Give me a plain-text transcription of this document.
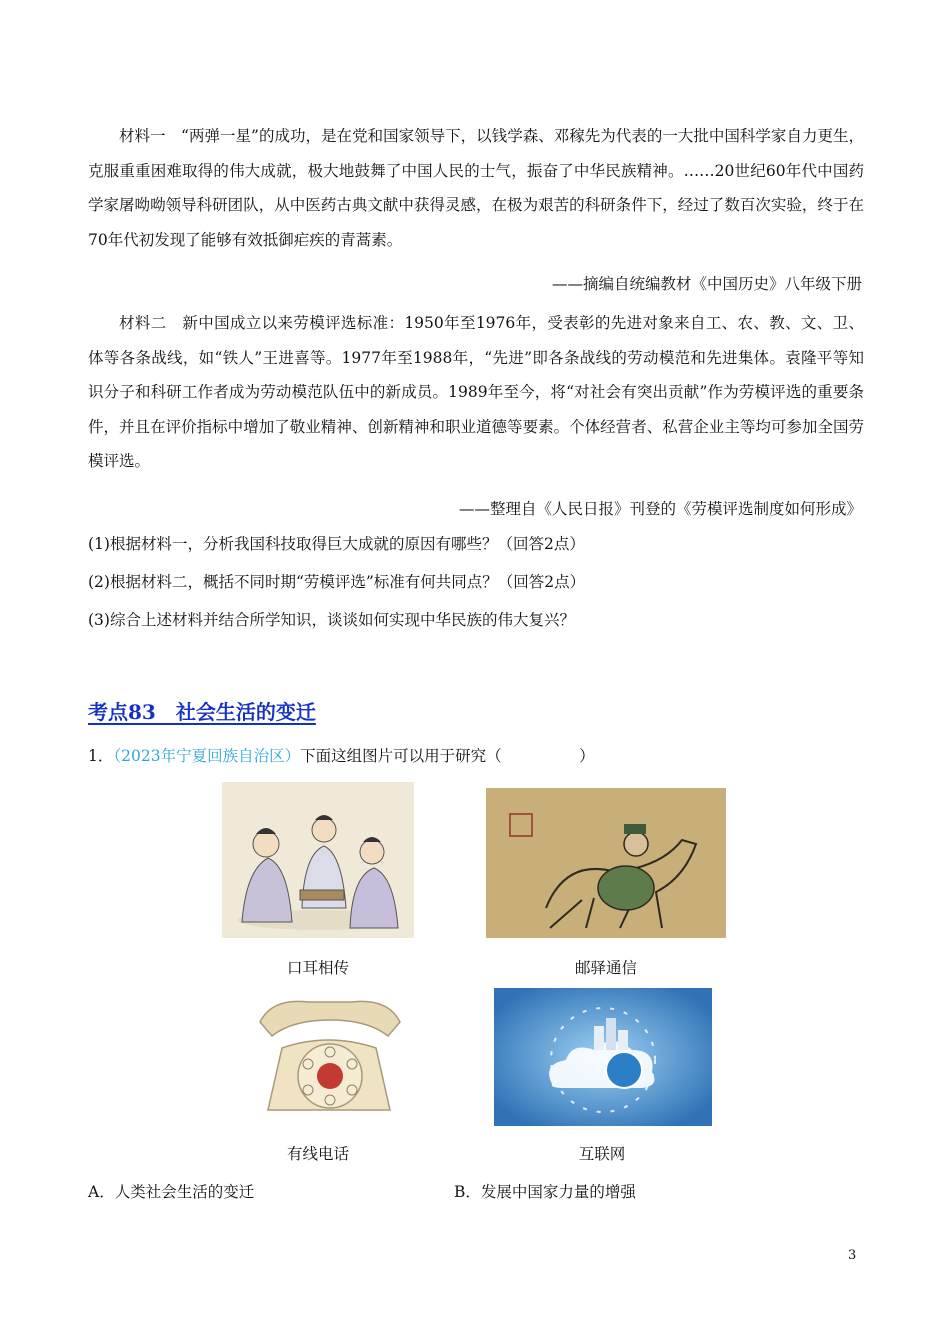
材料一　“两弹一星”的成功，是在党和国家领导下，以钱学森、邓稼先为代表的一大批中国科学家自力更生，克服重重困难取得的伟大成就，极大地鼓舞了中国人民的士气，振奋了中华民族精神。……20世纪60年代中国药学家屠呦呦领导科研团队，从中医药古典文献中获得灵感，在极为艰苦的科研条件下，经过了数百次实验，终于在70年代初发现了能够有效抵御疟疾的青蒿素。

——摘编自统编教材《中国历史》八年级下册

材料二　新中国成立以来劳模评选标准：1950年至1976年，受表彰的先进对象来自工、农、教、文、卫、体等各条战线，如“铁人”王进喜等。1977年至1988年，“先进”即各条战线的劳动模范和先进集体。袁隆平等知识分子和科研工作者成为劳动模范队伍中的新成员。1989年至今，将“对社会有突出贡献”作为劳模评选的重要条件，并且在评价指标中增加了敬业精神、创新精神和职业道德等要素。个体经营者、私营企业主等均可参加全国劳模评选。

——整理自《人民日报》刊登的《劳模评选制度如何形成》

(1)根据材料一，分析我国科技取得巨大成就的原因有哪些？（回答2点）

(2)根据材料二，概括不同时期“劳模评选”标准有何共同点？（回答2点）

(3)综合上述材料并结合所学知识，谈谈如何实现中华民族的伟大复兴？

考点83　社会生活的变迁

1．（2023年宁夏回族自治区）下面这组图片可以用于研究（　　　　　）

口耳相传	邮驿通信
有线电话	互联网
A．人类社会生活的变迁	B．发展中国家力量的增强
3
